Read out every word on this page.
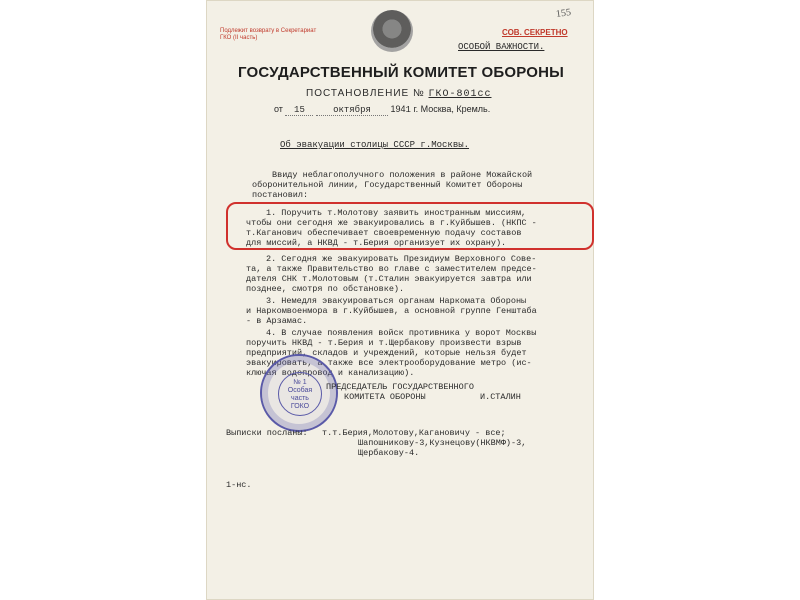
Подлежит возврату в Секретариат
ГКО (II часть)
СОВ. СЕКРЕТНО
155
ОСОБОЙ ВАЖНОСТИ.
ГОСУДАРСТВЕННЫЙ КОМИТЕТ ОБОРОНЫ
ПОСТАНОВЛЕНИЕ № ГКО-801сс
от 15	октября 1941 г. Москва, Кремль.
Об эвакуации столицы СССР г.Москвы.
Ввиду неблагополучного положения в районе Можайской
оборонительной линии, Государственный Комитет Обороны
постановил:
1. Поручить т.Молотову заявить иностранным миссиям,
чтобы они сегодня же эвакуировались в г.Куйбышев. (НКПС -
т.Каганович обеспечивает своевременную подачу составов
для миссий, а НКВД - т.Берия организует их охрану).
2. Сегодня же эвакуировать Президиум Верховного Сове-
та, а также Правительство во главе с заместителем предсе-
дателя СНК т.Молотовым (т.Сталин эвакуируется завтра или
позднее, смотря по обстановке).
3. Немедля эвакуироваться органам Наркомата Обороны
и Наркомвоенмора в г.Куйбышев, а основной группе Генштаба
- в Арзамас.
4. В случае появления войск противника у ворот Москвы
поручить НКВД - т.Берия и т.Щербакову произвести взрыв
предприятий, складов и учреждений, которые нельзя будет
эвакуировать, а также все электрооборудование метро (ис-
ключая водопровод и канализацию).
№ 1
Особая
часть
ГОКО
ПРЕДСЕДАТЕЛЬ ГОСУДАРСТВЕННОГО
КОМИТЕТА ОБОРОНЫ	И.СТАЛИН
Выписки посланы: т.т.Берия,Молотову,Кагановичу - все;
Шапошникову-3,Кузнецову(НКВМФ)-3,
Щербакову-4.
1-нс.
